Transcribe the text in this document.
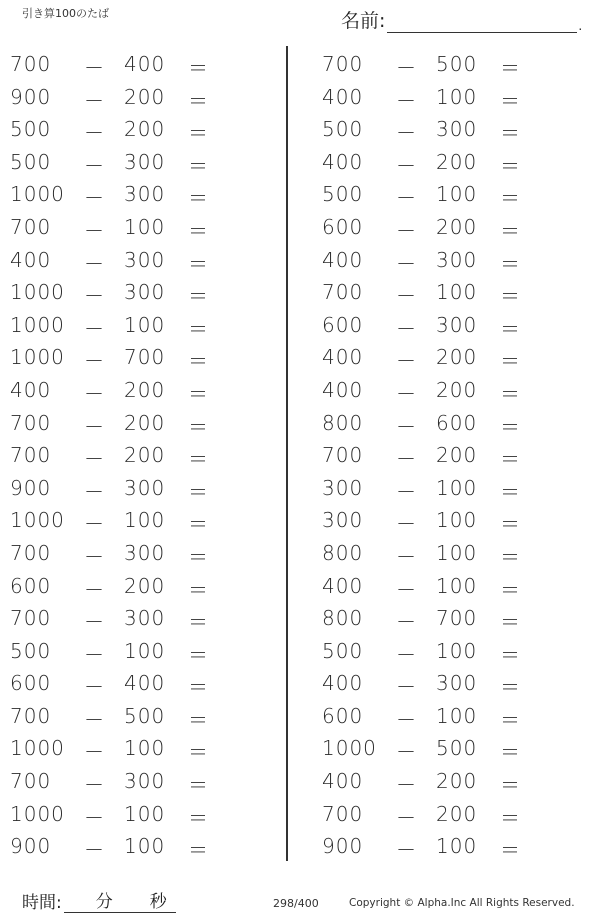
引き算100のたば	名前:	.
700 － 400 ＝
900 － 200 ＝
500 － 200 ＝
500 － 300 ＝
1000 － 300 ＝
700 － 100 ＝
400 － 300 ＝
1000 － 300 ＝
1000 － 100 ＝
1000 － 700 ＝
400 － 200 ＝
700 － 200 ＝
700 － 200 ＝
900 － 300 ＝
1000 － 100 ＝
700 － 300 ＝
600 － 200 ＝
700 － 300 ＝
500 － 100 ＝
600 － 400 ＝
700 － 500 ＝
1000 － 100 ＝
700 － 300 ＝
1000 － 100 ＝
900 － 100 ＝
700 － 500 ＝
400 － 100 ＝
500 － 300 ＝
400 － 200 ＝
500 － 100 ＝
600 － 200 ＝
400 － 300 ＝
700 － 100 ＝
600 － 300 ＝
400 － 200 ＝
400 － 200 ＝
800 － 600 ＝
700 － 200 ＝
300 － 100 ＝
300 － 100 ＝
800 － 100 ＝
400 － 100 ＝
800 － 700 ＝
500 － 100 ＝
400 － 300 ＝
600 － 100 ＝
1000 － 500 ＝
400 － 200 ＝
700 － 200 ＝
900 － 100 ＝
時間: 分 秒	298/400	Copyright © Alpha.Inc All Rights Reserved.
